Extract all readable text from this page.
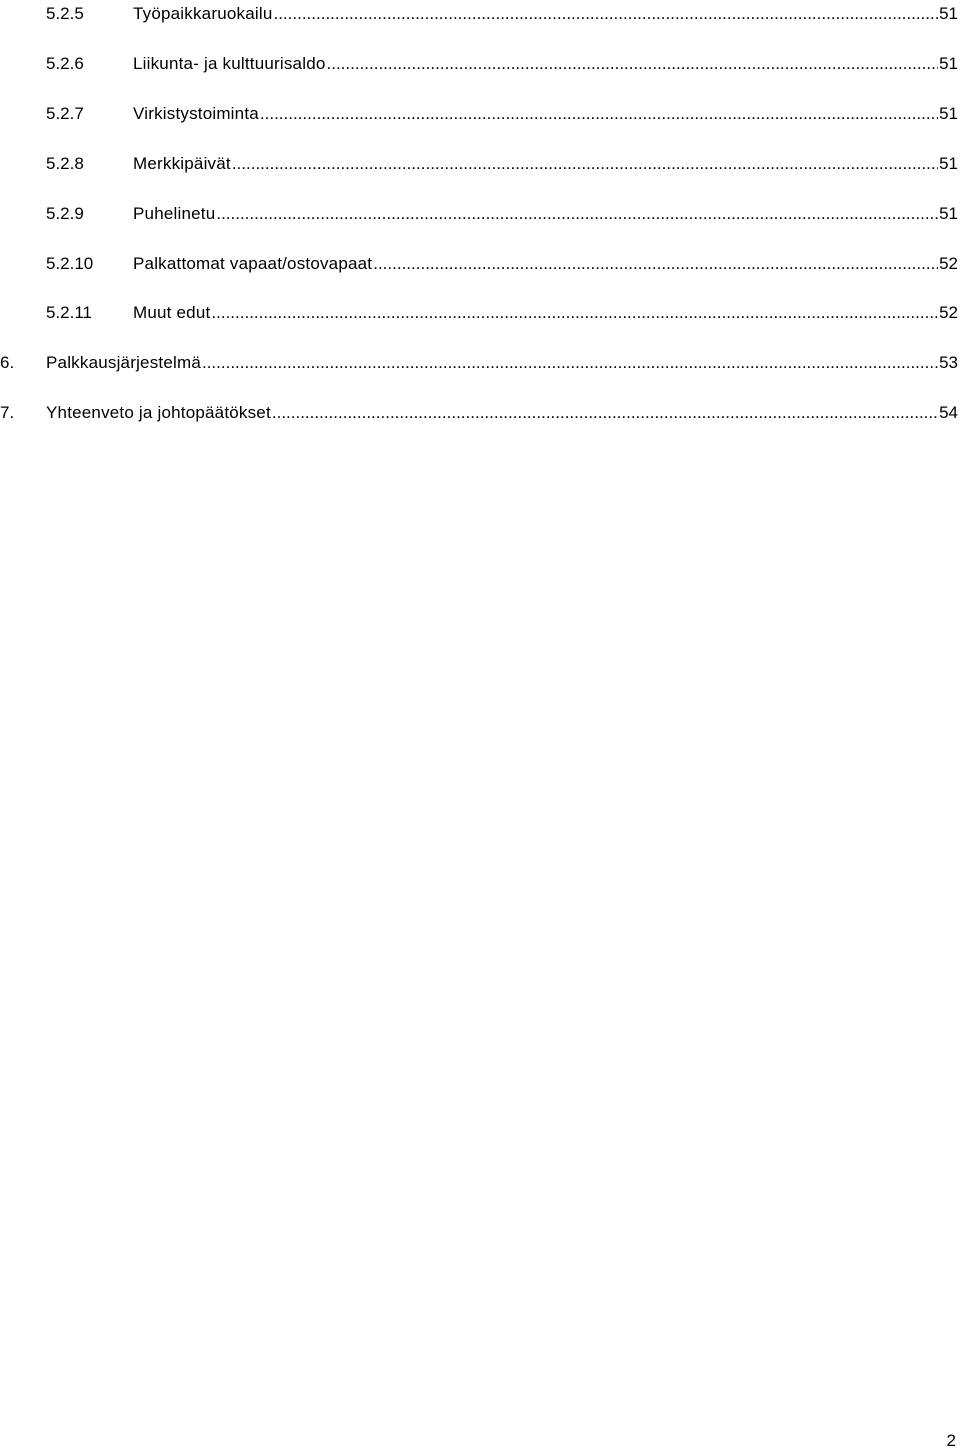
5.2.5	Työpaikkaruokailu .....	51
5.2.6	Liikunta- ja kulttuurisaldo .....	51
5.2.7	Virkistystoiminta .....	51
5.2.8	Merkkipäivät .....	51
5.2.9	Puhelinetu .....	51
5.2.10	Palkattomat vapaat/ostovapaat .....	52
5.2.11	Muut edut .....	52
6.	Palkkausjärjestelmä .....	53
7.	Yhteenveto ja johtopäätökset .....	54
2
